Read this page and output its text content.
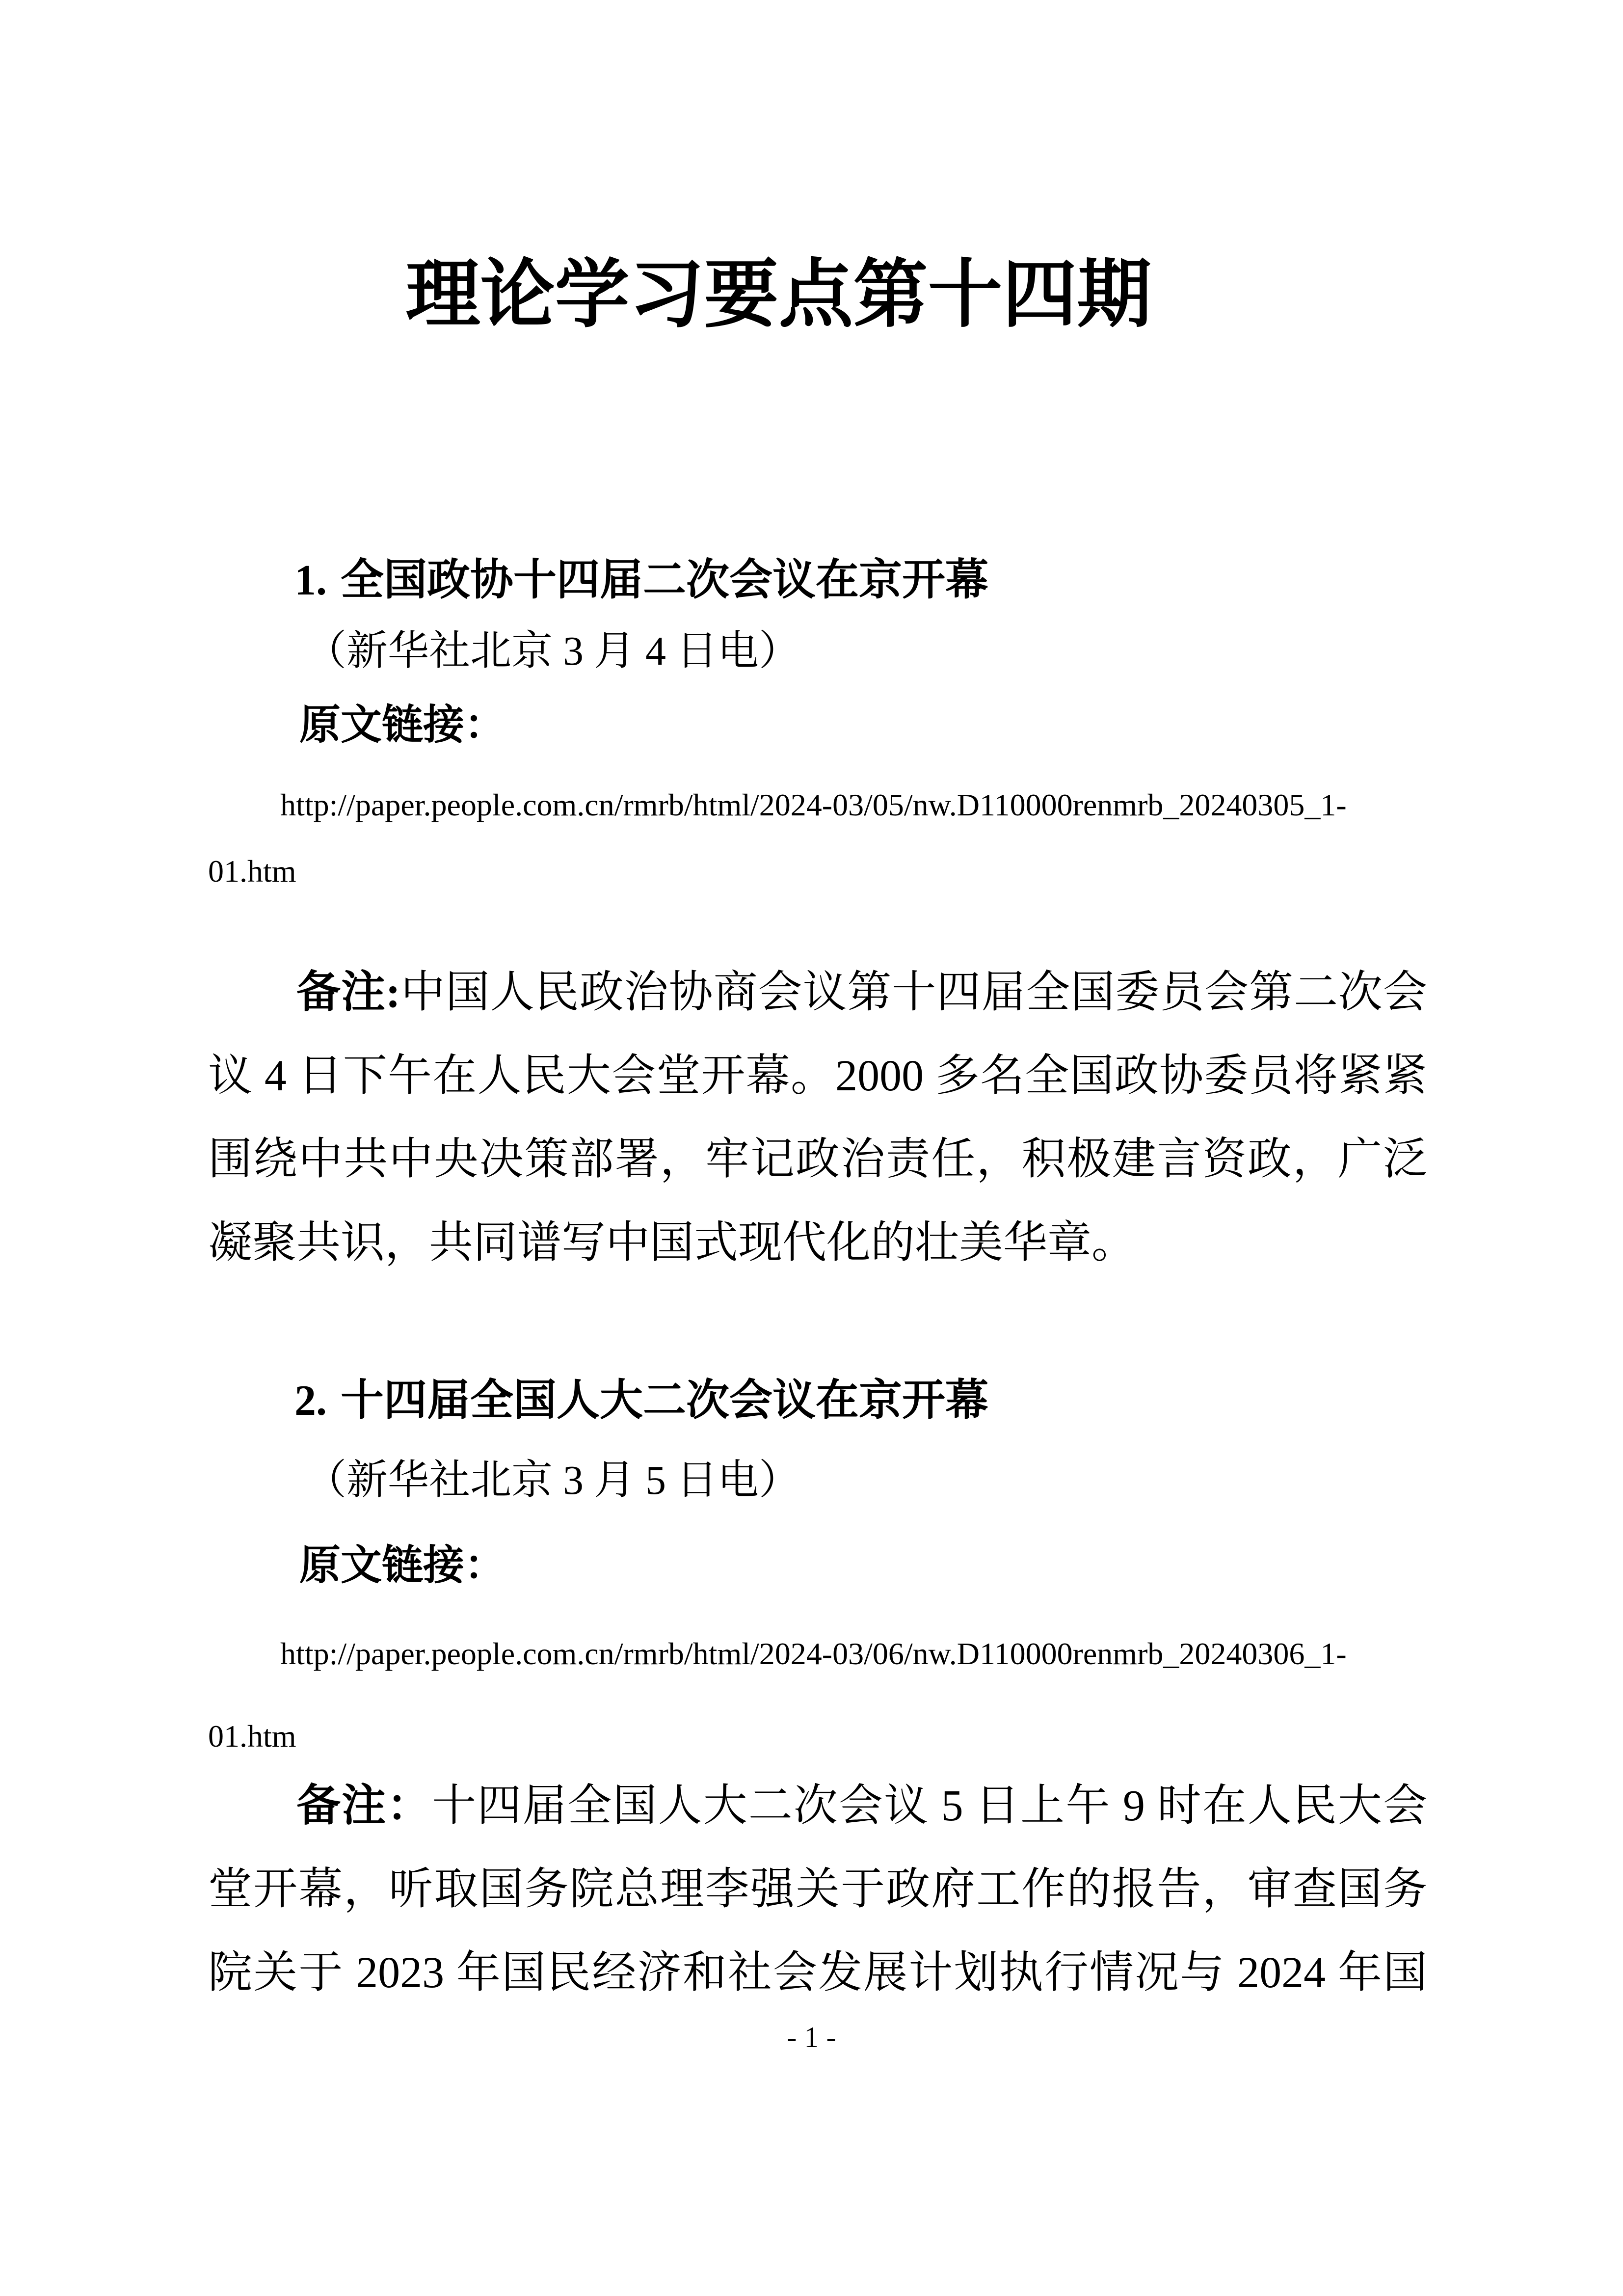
理论学习要点第十四期
1. 全国政协十四届二次会议在京开幕
（新华社北京 3 月 4 日电）
原文链接：
http://paper.people.com.cn/rmrb/html/2024-03/05/nw.D110000renmrb_20240305_1-
01.htm
备注:中国人民政治协商会议第十四届全国委员会第二次会
议 4 日下午在人民大会堂开幕。2000 多名全国政协委员将紧紧
围绕中共中央决策部署，牢记政治责任，积极建言资政，广泛
凝聚共识，共同谱写中国式现代化的壮美华章。
2. 十四届全国人大二次会议在京开幕
（新华社北京 3 月 5 日电）
原文链接：
http://paper.people.com.cn/rmrb/html/2024-03/06/nw.D110000renmrb_20240306_1-
01.htm
备注：十四届全国人大二次会议 5 日上午 9 时在人民大会
堂开幕，听取国务院总理李强关于政府工作的报告，审查国务
院关于 2023 年国民经济和社会发展计划执行情况与 2024 年国
- 1 -
